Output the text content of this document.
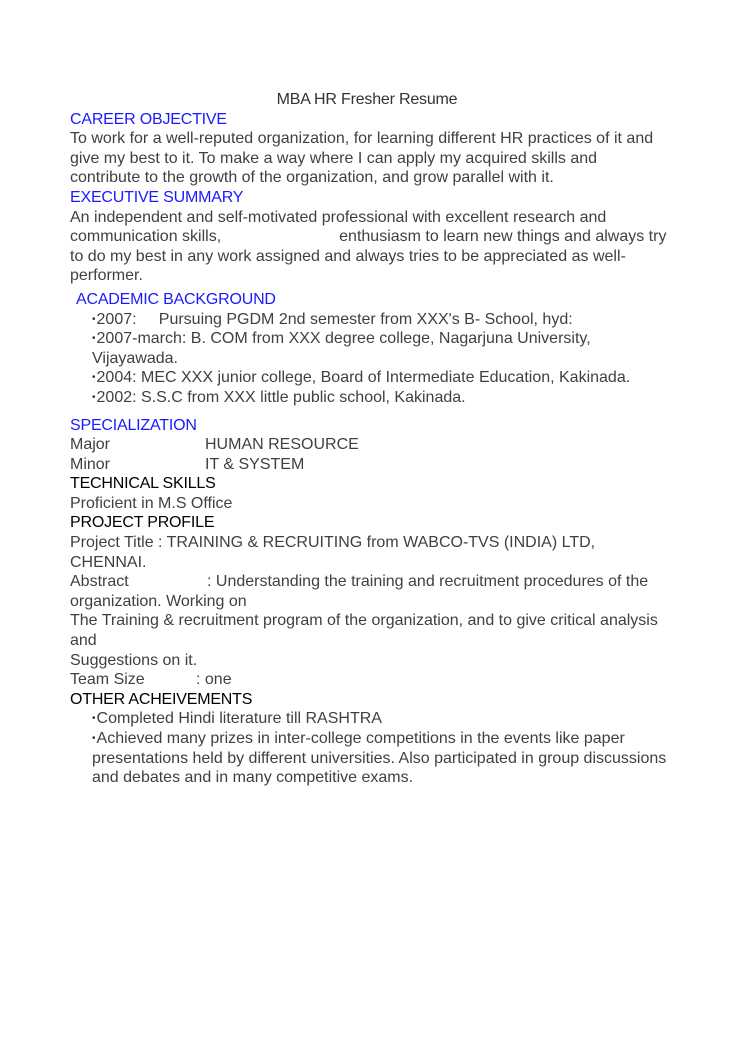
MBA HR Fresher Resume
CAREER OBJECTIVE

To work for a well-reputed organization, for learning different HR practices of it and give my best to it. To make a way where I can apply my acquired skills and contribute to the growth of the organization, and grow parallel with it.

EXECUTIVE SUMMARY

An independent and self-motivated professional with excellent research and communication skills,	enthusiasm to learn new things and always try to do my best in any work assigned and always tries to be appreciated as well-performer.

ACADEMIC BACKGROUND
•2007:     Pursuing PGDM 2nd semester from XXX's B- School, hyd:
•2007-march: B. COM from XXX degree college, Nagarjuna University, Vijayawada.
•2004: MEC XXX junior college, Board of Intermediate Education, Kakinada.
•2002: S.S.C from XXX little public school, Kakinada.
SPECIALIZATION
Major	HUMAN RESOURCE
Minor	IT & SYSTEM
TECHNICAL SKILLS

Proficient in M.S Office

PROJECT PROFILE

Project Title : TRAINING & RECRUITING from WABCO-TVS (INDIA) LTD, CHENNAI.

Abstract	: Understanding the training and recruitment procedures of the organization. Working on

The Training & recruitment program of the organization, and to give critical analysis and

Suggestions on it.

Team Size	: one

OTHER ACHEIVEMENTS
•Completed Hindi literature till RASHTRA
•Achieved many prizes in inter-college competitions in the events like paper presentations held by different universities. Also participated in group discussions and debates and in many competitive exams.
